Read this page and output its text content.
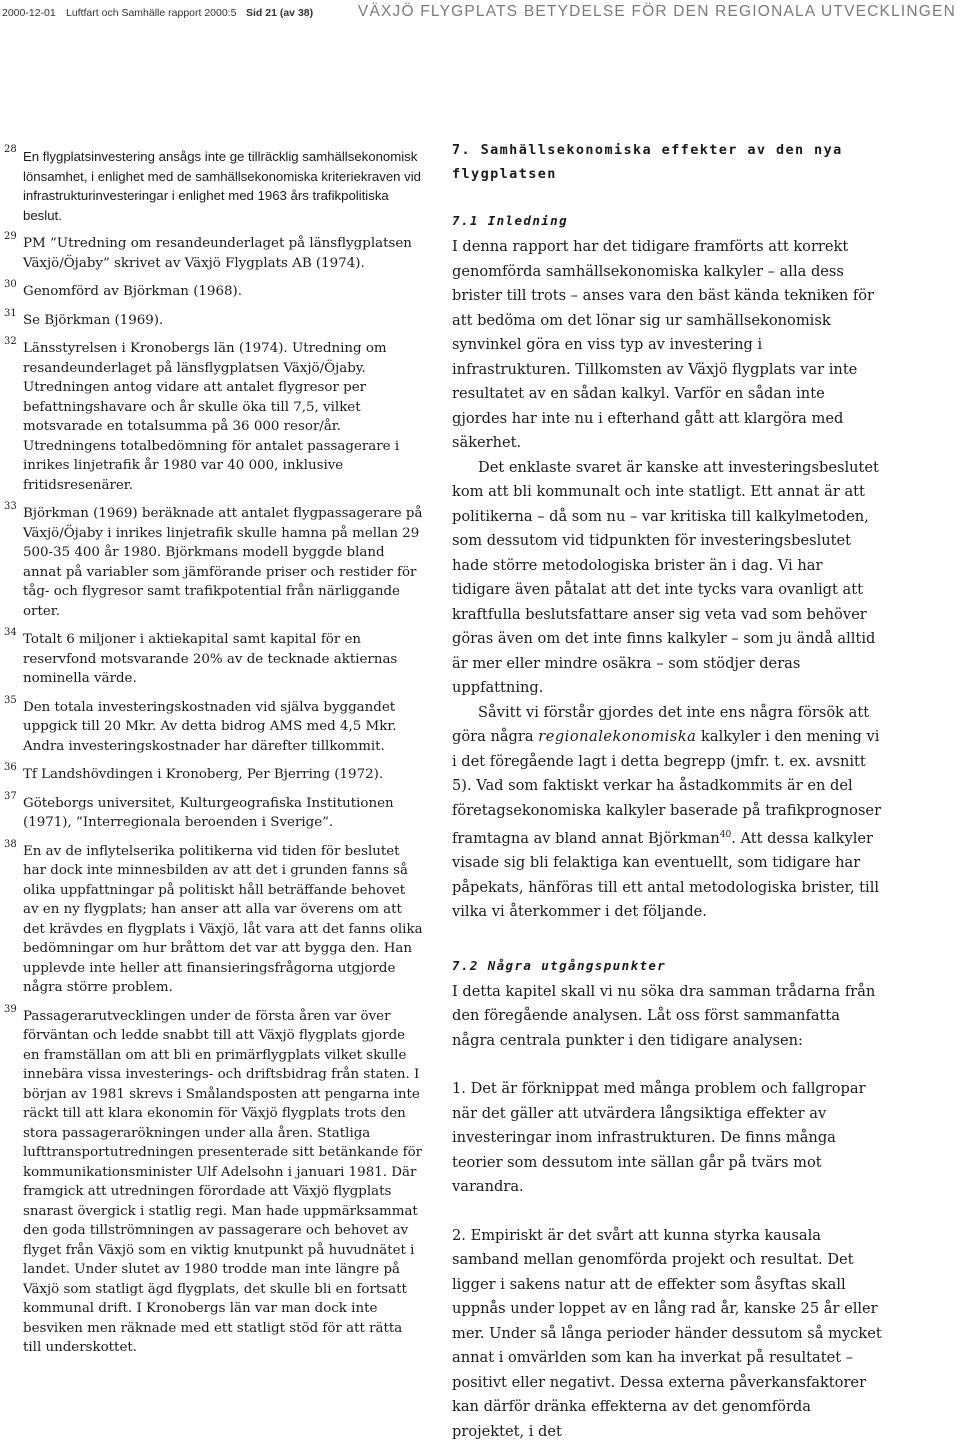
2000-12-01 Luftfart och Samhälle rapport 2000:5 Sid 21 (av 38)	VÄXJÖ FLYGPLATS BETYDELSE FÖR DEN REGIONALA UTVECKLINGEN
28 En flygplatsinvestering ansågs inte ge tillräcklig samhällsekonomisk lönsamhet, i enlighet med de samhällsekonomiska kriteriekraven vid infrastrukturinvesteringar i enlighet med 1963 års trafikpolitiska beslut.
29 PM ”Utredning om resandeunderlaget på länsflygplatsen Växjö/Öjaby” skrivet av Växjö Flygplats AB (1974).
30 Genomförd av Björkman (1968).
31 Se Björkman (1969).
32 Länsstyrelsen i Kronobergs län (1974). Utredning om resandeunderlaget på länsflygplatsen Växjö/Öjaby. Utredningen antog vidare att antalet flygresor per befattningshavare och år skulle öka till 7,5, vilket motsvarade en totalsumma på 36 000 resor/år. Utredningens totalbedömning för antalet passagerare i inrikes linjetrafik år 1980 var 40 000, inklusive fritidsresenärer.
33 Björkman (1969) beräknade att antalet flygpassagerare på Växjö/Öjaby i inrikes linjetrafik skulle hamna på mellan 29 500-35 400 år 1980. Björkmans modell byggde bland annat på variabler som jämförande priser och restider för tåg- och flygresor samt trafikpotential från närliggande orter.
34 Totalt 6 miljoner i aktiekapital samt kapital för en reservfond motsvarande 20% av de tecknade aktiernas nominella värde.
35 Den totala investeringskostnaden vid själva byggandet uppgick till 20 Mkr. Av detta bidrog AMS med 4,5 Mkr. Andra investeringskostnader har därefter tillkommit.
36 Tf Landshövdingen i Kronoberg, Per Bjerring (1972).
37 Göteborgs universitet, Kulturgeografiska Institutionen (1971), ”Interregionala beroenden i Sverige”.
38 En av de inflytelserika politikerna vid tiden för beslutet har dock inte minnesbilden av att det i grunden fanns så olika uppfattningar på politiskt håll beträffande behovet av en ny flygplats; han anser att alla var överens om att det krävdes en flygplats i Växjö, låt vara att det fanns olika bedömningar om hur bråttom det var att bygga den. Han upplevde inte heller att finansieringsfrågorna utgjorde några större problem.
39 Passagerarutvecklingen under de första åren var över förväntan och ledde snabbt till att Växjö flygplats gjorde en framställan om att bli en primärflygplats vilket skulle innebära vissa investerings- och driftsbidrag från staten. I början av 1981 skrevs i Smålandsposten att pengarna inte räckt till att klara ekonomin för Växjö flygplats trots den stora passagerarökningen under alla åren. Statliga lufttransportutredningen presenterade sitt betänkande för kommunikationsminister Ulf Adelsohn i januari 1981. Där framgick att utredningen förordade att Växjö flygplats snarast övergick i statlig regi. Man hade uppmärksammat den goda tillströmningen av passagerare och behovet av flyget från Växjö som en viktig knutpunkt på huvudnätet i landet. Under slutet av 1980 trodde man inte längre på Växjö som statligt ägd flygplats, det skulle bli en fortsatt kommunal drift. I Kronobergs län var man dock inte besviken men räknade med ett statligt stöd för att rätta till underskottet.
7. Samhällsekonomiska effekter av den nya flygplatsen
7.1 Inledning

I denna rapport har det tidigare framförts att korrekt genomförda samhällsekonomiska kalkyler – alla dess brister till trots – anses vara den bäst kända tekniken för att bedöma om det lönar sig ur samhällsekonomisk synvinkel göra en viss typ av investering i infrastrukturen. Tillkomsten av Växjö flygplats var inte resultatet av en sådan kalkyl. Varför en sådan inte gjordes har inte nu i efterhand gått att klargöra med säkerhet.

Det enklaste svaret är kanske att investeringsbeslutet kom att bli kommunalt och inte statligt. Ett annat är att politikerna – då som nu – var kritiska till kalkylmetoden, som dessutom vid tidpunkten för investeringsbeslutet hade större metodologiska brister än i dag. Vi har tidigare även påtalat att det inte tycks vara ovanligt att kraftfulla beslutsfattare anser sig veta vad som behöver göras även om det inte finns kalkyler – som ju ändå alltid är mer eller mindre osäkra – som stödjer deras uppfattning.

Såvitt vi förstår gjordes det inte ens några försök att göra några regionalekonomiska kalkyler i den mening vi i det föregående lagt i detta begrepp (jmfr. t. ex. avsnitt 5). Vad som faktiskt verkar ha åstadkommits är en del företagsekonomiska kalkyler baserade på trafikprognoser framtagna av bland annat Björkman$^{40}$. Att dessa kalkyler visade sig bli felaktiga kan eventuellt, som tidigare har påpekats, hänföras till ett antal metodologiska brister, till vilka vi återkommer i det följande.

7.2 Några utgångspunkter

I detta kapitel skall vi nu söka dra samman trådarna från den föregående analysen. Låt oss först sammanfatta några centrala punkter i den tidigare analysen:

1. Det är förknippat med många problem och fallgropar när det gäller att utvärdera långsiktiga effekter av investeringar inom infrastrukturen. De finns många teorier som dessutom inte sällan går på tvärs mot varandra.

2. Empiriskt är det svårt att kunna styrka kausala samband mellan genomförda projekt och resultat. Det ligger i sakens natur att de effekter som åsyftas skall uppnås under loppet av en lång rad år, kanske 25 år eller mer. Under så långa perioder händer dessutom så mycket annat i omvärlden som kan ha inverkat på resultatet – positivt eller negativt. Dessa externa påverkansfaktorer kan därför dränka effekterna av det genomförda projektet, i det
